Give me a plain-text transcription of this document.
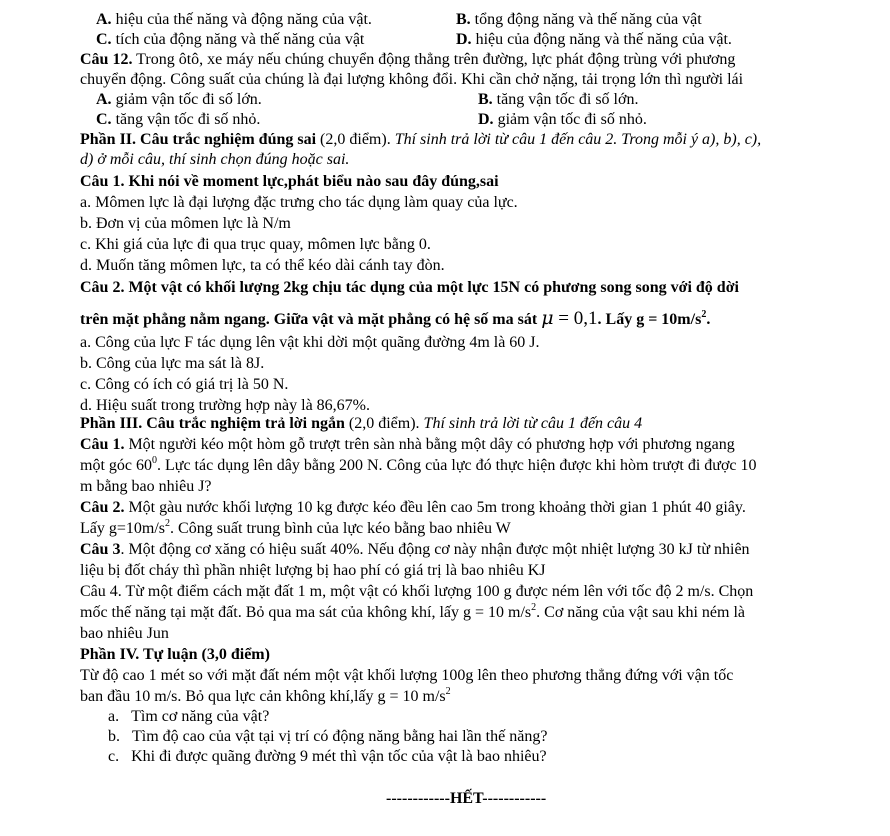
A. hiệu của thế năng và động năng của vật.	B. tổng động năng và thế năng của vật
C. tích của động năng và thế năng của vật	D. hiệu của động năng và thế năng của vật.
Câu 12. Trong ôtô, xe máy nếu chúng chuyển động thẳng trên đường, lực phát động trùng với phương
chuyển động. Công suất của chúng là đại lượng không đổi. Khi cần chở nặng, tải trọng lớn thì người lái
A. giảm vận tốc đi số lớn.	B. tăng vận tốc đi số lớn.
C. tăng vận tốc đi số nhỏ.	D. giảm vận tốc đi số nhỏ.
Phần II. Câu trắc nghiệm đúng sai (2,0 điểm). Thí sinh trả lời từ câu 1 đến câu 2. Trong mỗi ý a), b), c),
d) ở mỗi câu, thí sinh chọn đúng hoặc sai.
Câu 1. Khi nói về moment lực,phát biểu nào sau đây đúng,sai
a. Mômen lực là đại lượng đặc trưng cho tác dụng làm quay của lực.
b. Đơn vị của mômen lực là N/m
c. Khi giá của lực đi qua trục quay, mômen lực bằng 0.
d. Muốn tăng mômen lực, ta có thể kéo dài cánh tay đòn.
Câu 2. Một vật có khối lượng 2kg chịu tác dụng của một lực 15N có phương song song với độ dời
trên mặt phẳng nằm ngang. Giữa vật và mặt phẳng có hệ số ma sát μ = 0,1. Lấy $g = 10m/s^2$.
a. Công của lực F tác dụng lên vật khi dời một quãng đường 4m là 60 J.
b. Công của lực ma sát là 8J.
c. Công có ích có giá trị là 50 N.
d. Hiệu suất trong trường hợp này là 86,67%.
Phần III. Câu trắc nghiệm trả lời ngắn (2,0 điểm). Thí sinh trả lời từ câu 1 đến câu 4
Câu 1. Một người kéo một hòm gỗ trượt trên sàn nhà bằng một dây có phương hợp với phương ngang
một góc $60^0$. Lực tác dụng lên dây bằng 200 N. Công của lực đó thực hiện được khi hòm trượt đi được 10
m bằng bao nhiêu J?
Câu 2. Một gàu nước khối lượng 10 kg được kéo đều lên cao 5m trong khoảng thời gian 1 phút 40 giây.
Lấy $g=10m/s^2$. Công suất trung bình của lực kéo bằng bao nhiêu W
Câu 3. Một động cơ xăng có hiệu suất 40%. Nếu động cơ này nhận được một nhiệt lượng 30 kJ từ nhiên
liệu bị đốt cháy thì phần nhiệt lượng bị hao phí có giá trị là bao nhiêu KJ
Câu 4. Từ một điểm cách mặt đất 1 m, một vật có khối lượng 100 g được ném lên với tốc độ 2 m/s. Chọn
mốc thế năng tại mặt đất. Bỏ qua ma sát của không khí, lấy g = 10 $m/s^2$. Cơ năng của vật sau khi ném là
bao nhiêu Jun
Phần IV. Tự luận (3,0 điểm)
Từ độ cao 1 mét so với mặt đất ném một vật khối lượng 100g lên theo phương thẳng đứng với vận tốc
ban đầu 10 m/s. Bỏ qua lực cản không khí,lấy g = 10 $m/s^2$
a. Tìm cơ năng của vật?
b. Tìm độ cao của vật tại vị trí có động năng bằng hai lần thế năng?
c. Khi đi được quãng đường 9 mét thì vận tốc của vật là bao nhiêu?
------------HẾT------------
